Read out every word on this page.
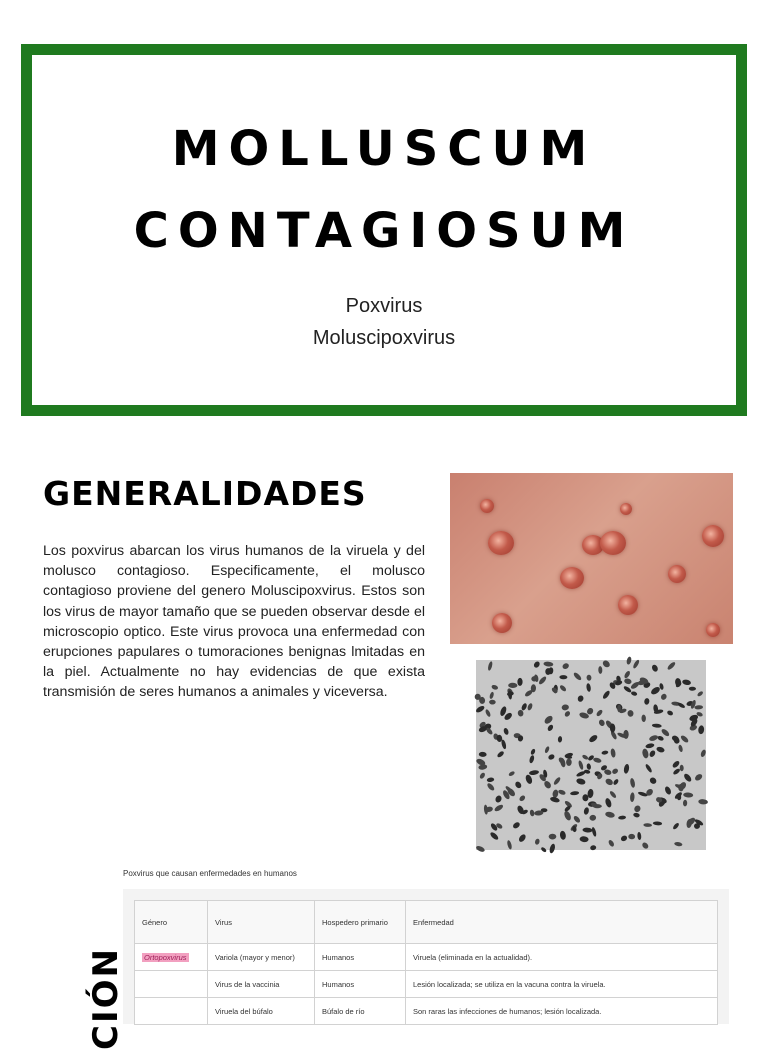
MOLLUSCUM
CONTAGIOSUM

Poxvirus

Moluscipoxvirus

GENERALIDADES

Los poxvirus abarcan los virus humanos de la viruela y del molusco contagioso. Especificamente, el molusco contagioso proviene del genero Moluscipoxvirus. Estos son los virus de mayor tamaño que se pueden observar desde el microscopio optico. Este virus provoca una enfermedad con erupciones papulares o tumoraciones benignas lmitadas en la piel. Actualmente no hay evidencias de que exista transmisión de seres humanos a animales y viceversa.

Poxvirus que causan enfermedades en humanos

Género	Virus	Hospedero primario	Enfermedad
Ortopoxvirus	Variola (mayor y menor)	Humanos	Viruela (eliminada en la actualidad).
	Virus de la vaccinia	Humanos	Lesión localizada; se utiliza en la vacuna contra la viruela.
	Viruela del búfalo	Búfalo de río	Son raras las infecciones de humanos; lesión localizada.
CIÓN
